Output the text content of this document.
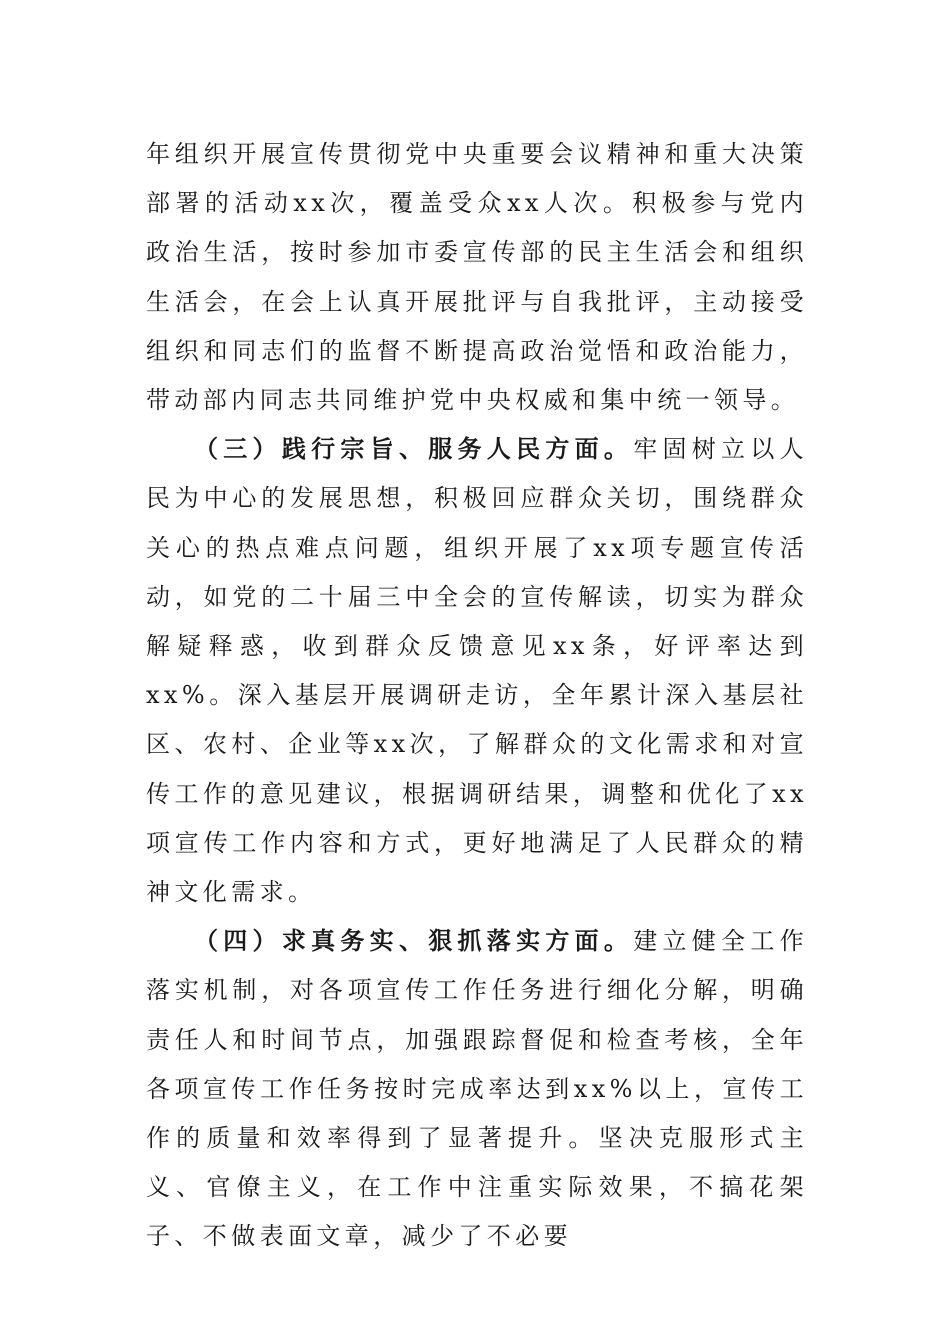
年组织开展宣传贯彻党中央重要会议精神和重大决策部署的活动xx次，覆盖受众xx人次。积极参与党内政治生活，按时参加市委宣传部的民主生活会和组织生活会，在会上认真开展批评与自我批评，主动接受组织和同志们的监督不断提高政治觉悟和政治能力，带动部内同志共同维护党中央权威和集中统一领导。

（三）践行宗旨、服务人民方面。牢固树立以人民为中心的发展思想，积极回应群众关切，围绕群众关心的热点难点问题，组织开展了xx项专题宣传活动，如党的二十届三中全会的宣传解读，切实为群众解疑释惑，收到群众反馈意见xx条，好评率达到xx%。深入基层开展调研走访，全年累计深入基层社区、农村、企业等xx次，了解群众的文化需求和对宣传工作的意见建议，根据调研结果，调整和优化了xx项宣传工作内容和方式，更好地满足了人民群众的精神文化需求。

（四）求真务实、狠抓落实方面。建立健全工作落实机制，对各项宣传工作任务进行细化分解，明确责任人和时间节点，加强跟踪督促和检查考核，全年各项宣传工作任务按时完成率达到xx%以上，宣传工作的质量和效率得到了显著提升。坚决克服形式主义、官僚主义，在工作中注重实际效果，不搞花架子、不做表面文章，减少了不必要
